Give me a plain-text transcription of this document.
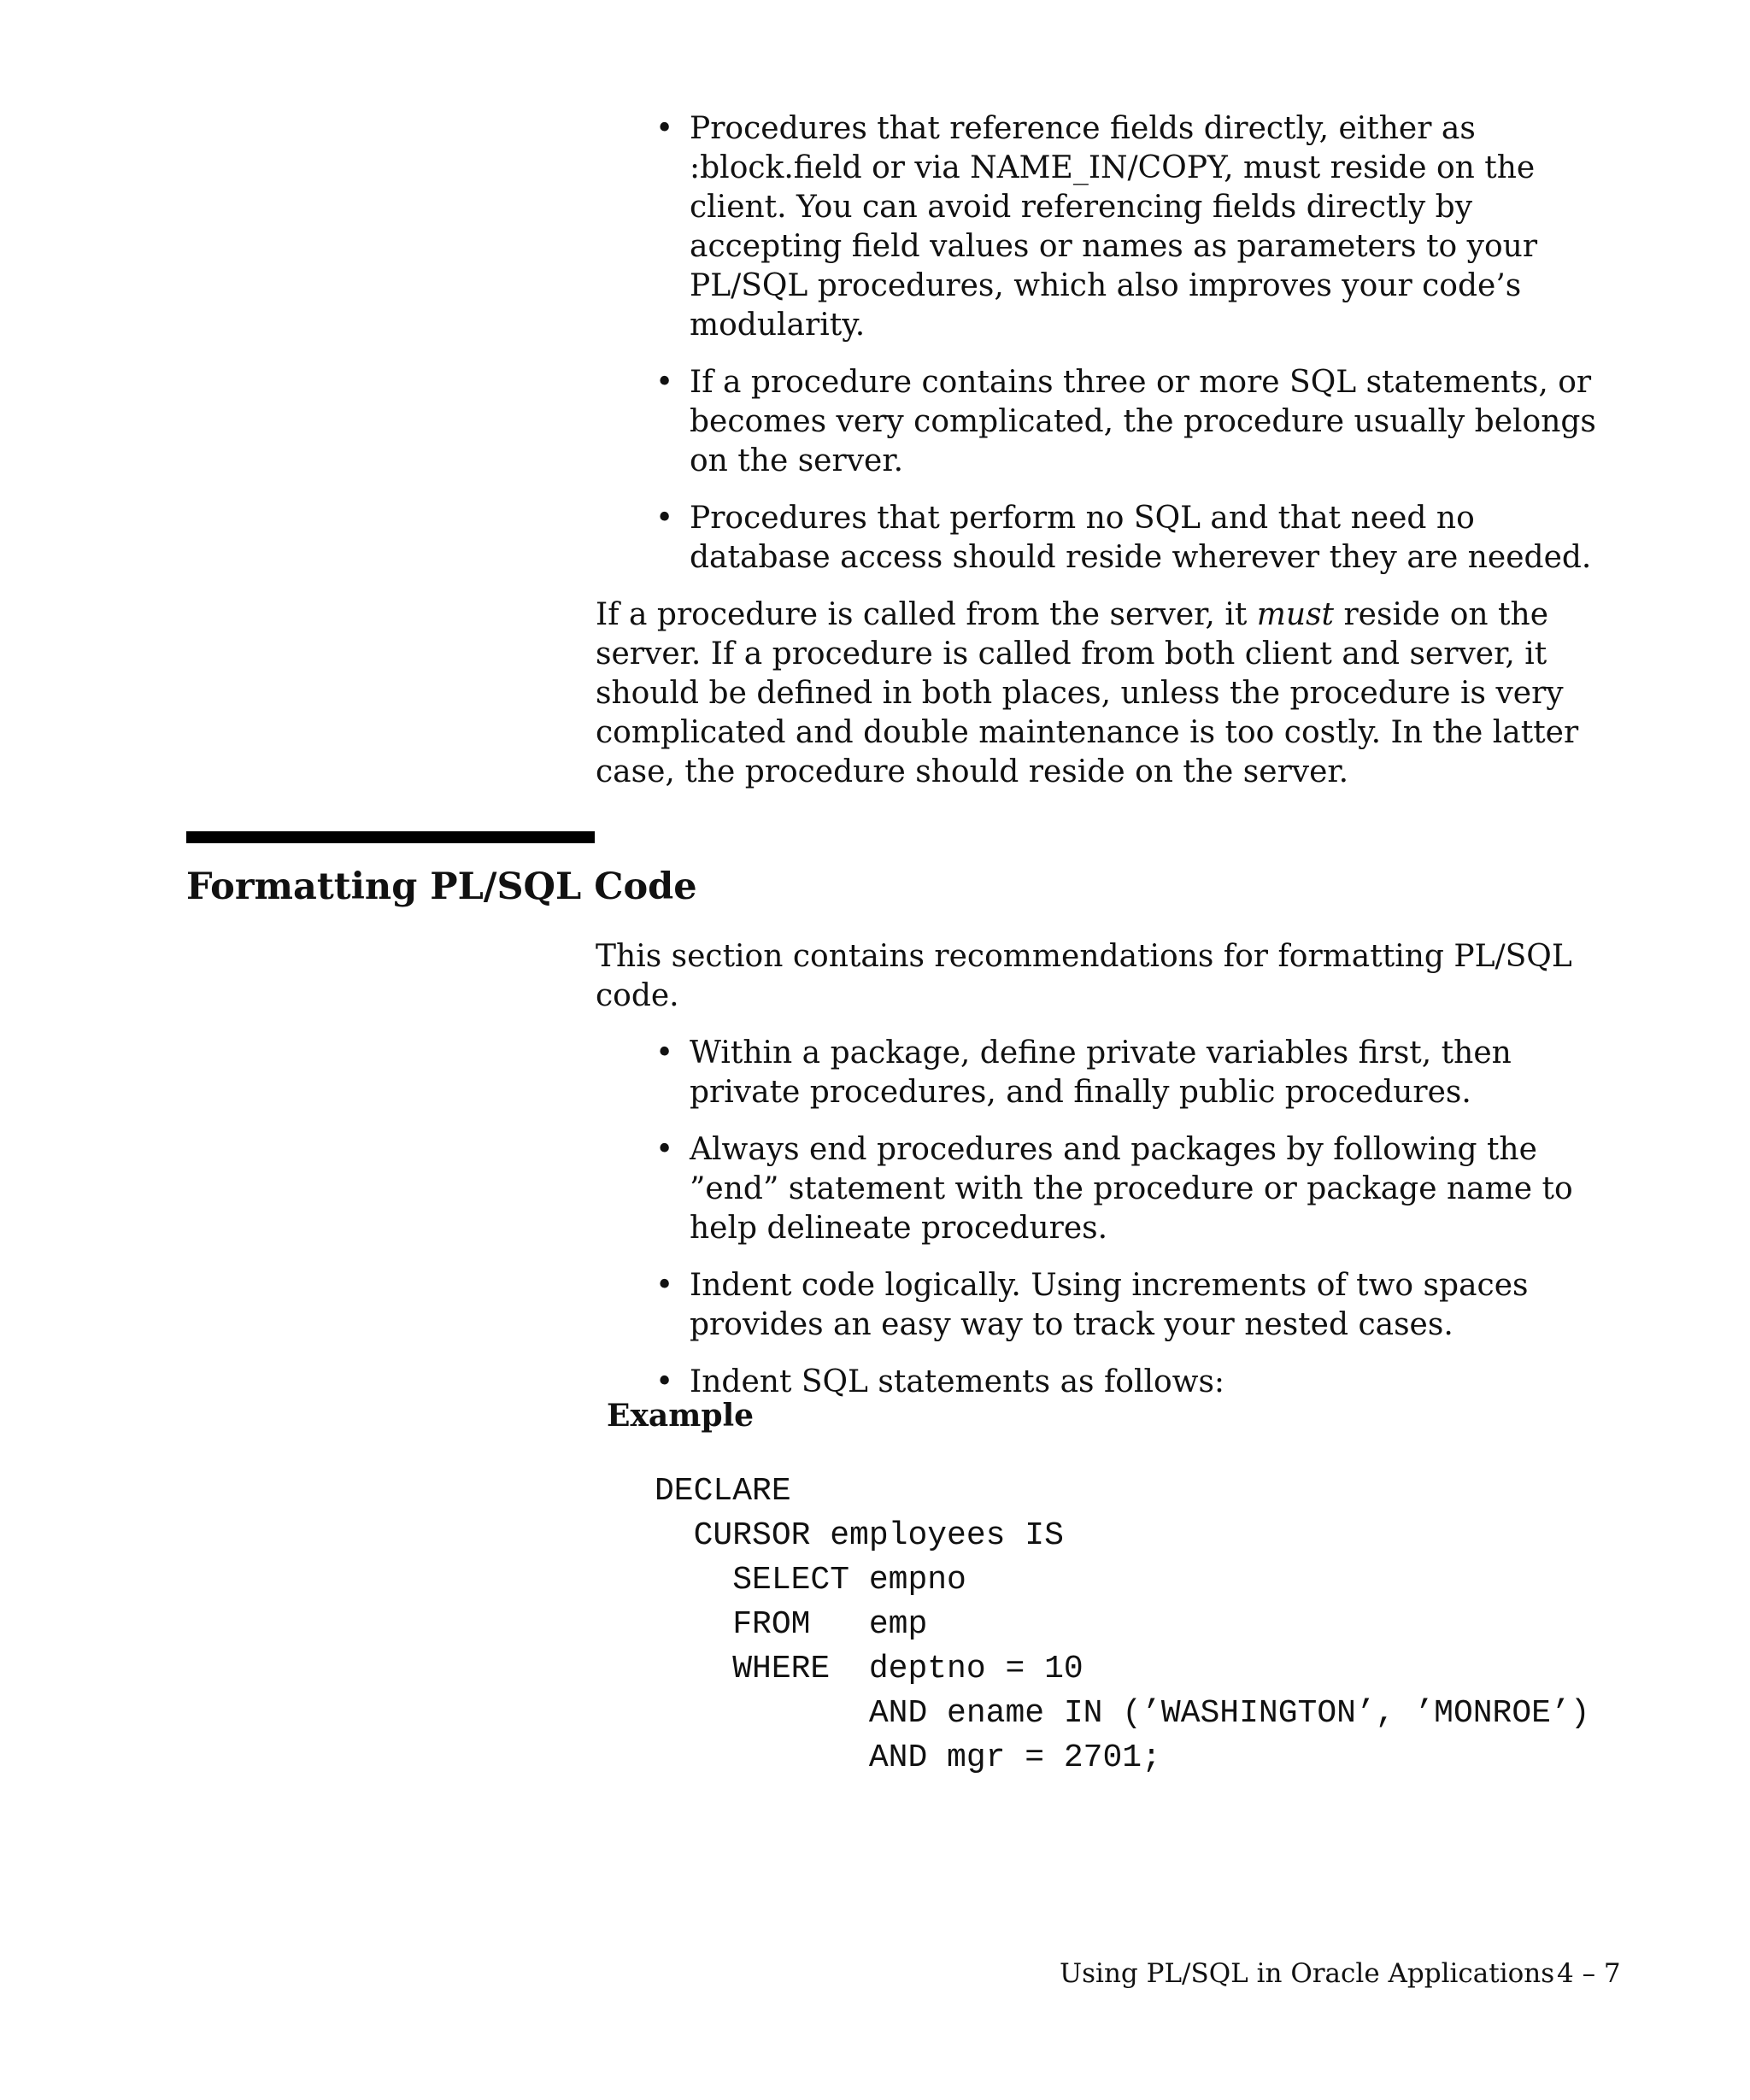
• Procedures that reference fields directly, either as :block.field or via NAME_IN/COPY, must reside on the client. You can avoid referencing fields directly by accepting field values or names as parameters to your PL/SQL procedures, which also improves your code’s modularity.
• If a procedure contains three or more SQL statements, or becomes very complicated, the procedure usually belongs on the server.
• Procedures that perform no SQL and that need no database access should reside wherever they are needed.

If a procedure is called from the server, it must reside on the server. If a procedure is called from both client and server, it should be defined in both places, unless the procedure is very complicated and double maintenance is too costly. In the latter case, the procedure should reside on the server.

Formatting PL/SQL Code

This section contains recommendations for formatting PL/SQL code.

• Within a package, define private variables first, then private procedures, and finally public procedures.
• Always end procedures and packages by following the ”end” statement with the procedure or package name to help delineate procedures.
• Indent code logically. Using increments of two spaces provides an easy way to track your nested cases.
• Indent SQL statements as follows:

Example

DECLARE
CURSOR employees IS
SELECT empno
FROM   emp
WHERE  deptno = 10
AND ename IN (’WASHINGTON’, ’MONROE’)
AND mgr = 2701;
Using PL/SQL in Oracle Applications 4 – 7
